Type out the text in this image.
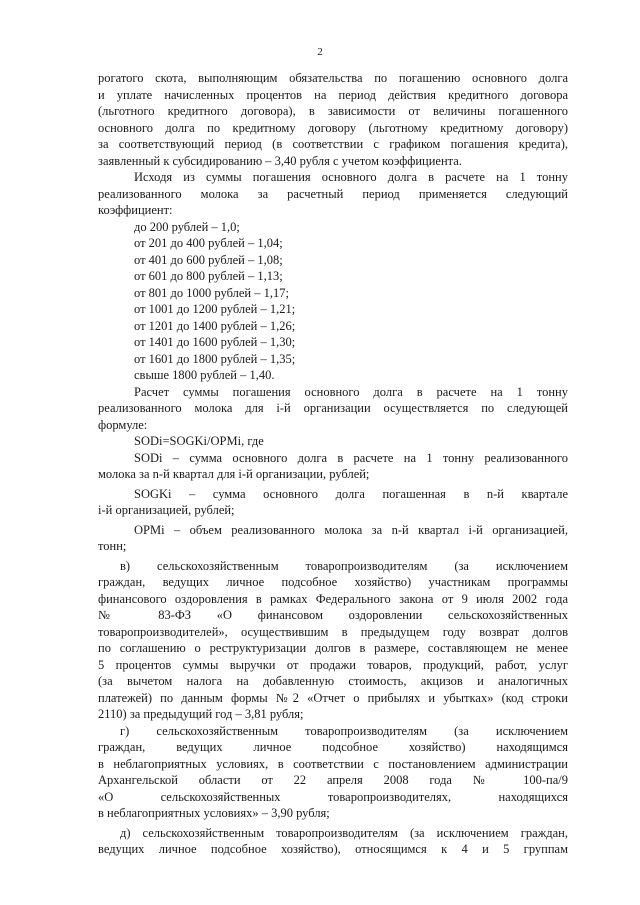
2
рогатого скота, выполняющим обязательства по погашению основного долга
и уплате начисленных процентов на период действия кредитного договора
(льготного кредитного договора), в зависимости от величины погашенного
основного долга по кредитному договору (льготному кредитному договору)
за соответствующий период (в соответствии с графиком погашения кредита),
заявленный к субсидированию – 3,40 рубля с учетом коэффициента.
Исходя из суммы погашения основного долга в расчете на 1 тонну
реализованного молока за расчетный период применяется следующий
коэффициент:
до 200 рублей – 1,0;
от 201 до 400 рублей – 1,04;
от 401 до 600 рублей – 1,08;
от 601 до 800 рублей – 1,13;
от 801 до 1000 рублей – 1,17;
от 1001 до 1200 рублей – 1,21;
от 1201 до 1400 рублей – 1,26;
от 1401 до 1600 рублей – 1,30;
от 1601 до 1800 рублей – 1,35;
свыше 1800 рублей – 1,40.
Расчет суммы погашения основного долга в расчете на 1 тонну
реализованного молока для i-й организации осуществляется по следующей
формуле:
SODi=SOGKi/OPMi, где
SODi – сумма основного долга в расчете на 1 тонну реализованного
молока за n-й квартал для i-й организации, рублей;
SOGKi – сумма основного долга погашенная в n-й квартале
i-й организацией, рублей;
OPMi – объем реализованного молока за n-й квартал i-й организацией,
тонн;
в) сельскохозяйственным товаропроизводителям (за исключением
граждан, ведущих личное подсобное хозяйство) участникам программы
финансового оздоровления в рамках Федерального закона от 9 июля 2002 года
№ 83-ФЗ «О финансовом оздоровлении сельскохозяйственных
товаропроизводителей», осуществившим в предыдущем году возврат долгов
по соглашению о реструктуризации долгов в размере, составляющем не менее
5 процентов суммы выручки от продажи товаров, продукций, работ, услуг
(за вычетом налога на добавленную стоимость, акцизов и аналогичных
платежей) по данным формы №2 «Отчет о прибылях и убытках» (код строки
2110) за предыдущий год – 3,81 рубля;
г) сельскохозяйственным товаропроизводителям (за исключением
граждан, ведущих личное подсобное хозяйство) находящимся
в неблагоприятных условиях, в соответствии с постановлением администрации
Архангельской области от 22 апреля 2008 года № 100-па/9
«О сельскохозяйственных товаропроизводителях, находящихся
в неблагоприятных условиях» – 3,90 рубля;
д) сельскохозяйственным товаропроизводителям (за исключением граждан,
ведущих личное подсобное хозяйство), относящимся к 4 и 5 группам
